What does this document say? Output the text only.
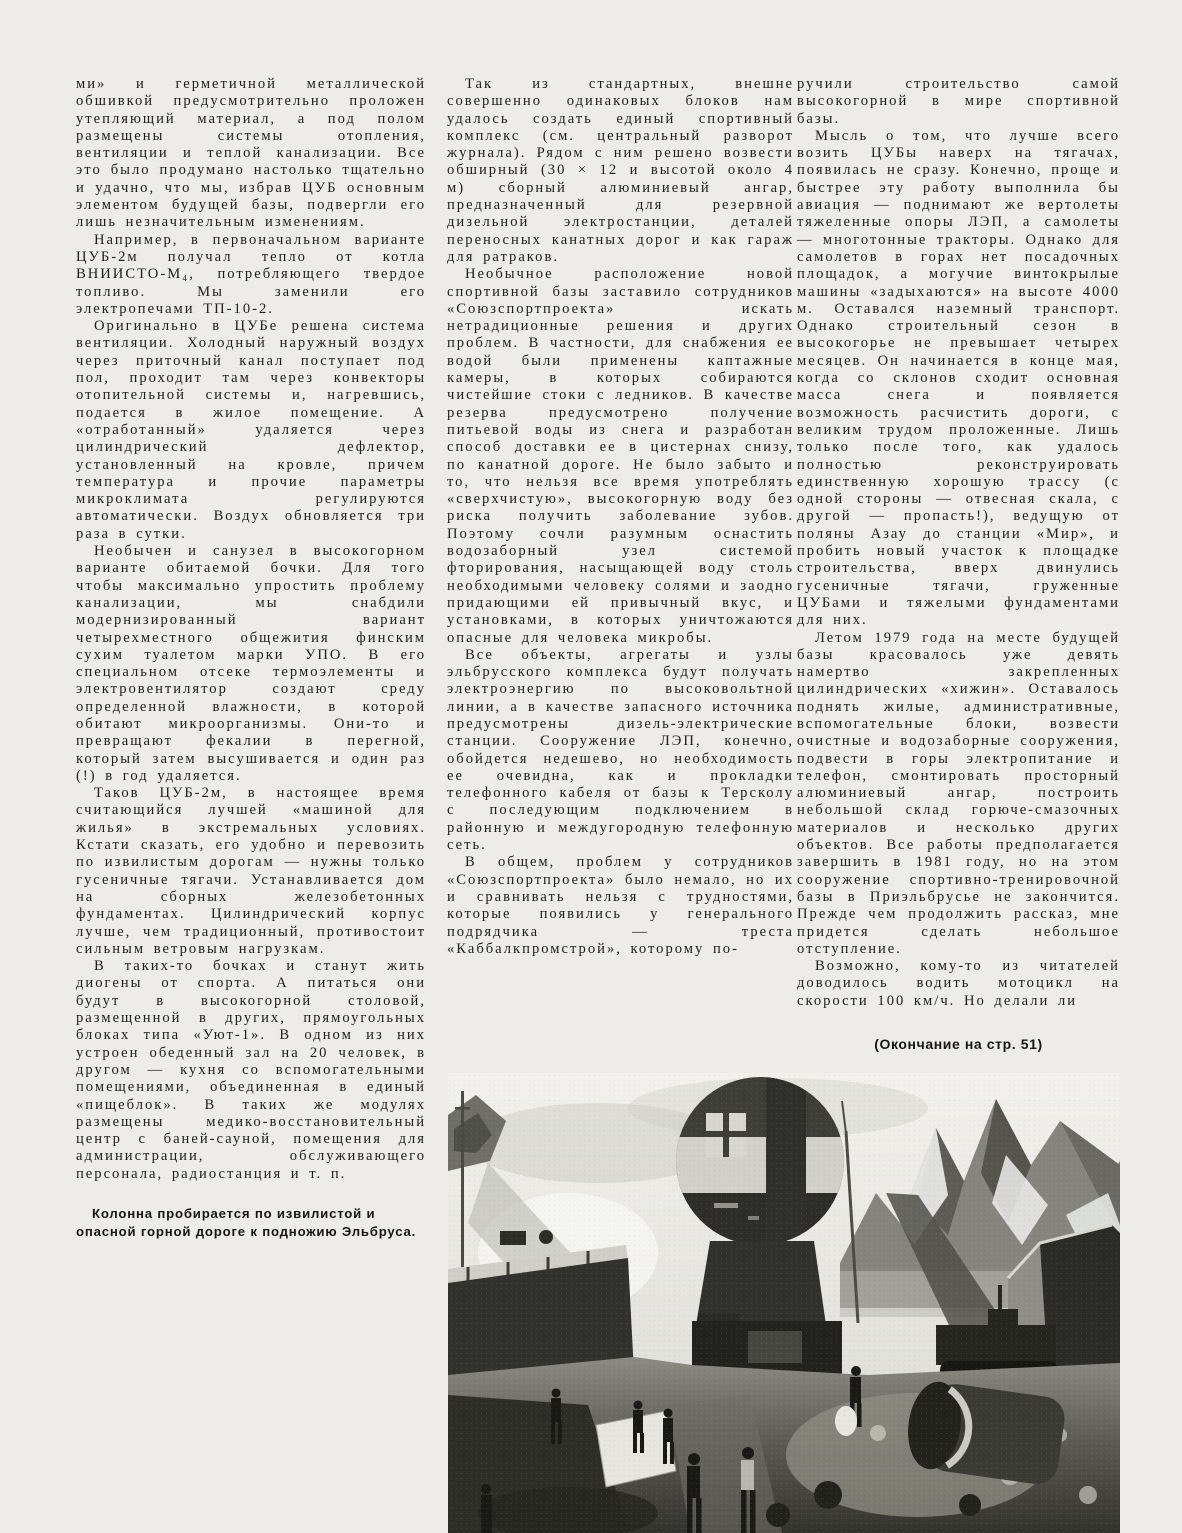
ми» и герметичной металлической обшивкой предусмотрительно проложен утепляющий материал, а под полом размещены системы отопления, вентиляции и теплой канализации. Все это было продумано настолько тщательно и удачно, что мы, избрав ЦУБ основным элементом будущей базы, подвергли его лишь незначительным изменениям.

Например, в первоначальном варианте ЦУБ-2м получал тепло от котла ВНИИСТО-М₄, потребляющего твердое топливо. Мы заменили его электропечами ТП-10-2.

Оригинально в ЦУБе решена система вентиляции. Холодный наружный воздух через приточный канал поступает под пол, проходит там через конвекторы отопительной системы и, нагревшись, подается в жилое помещение. А «отработанный» удаляется через цилиндрический дефлектор, установленный на кровле, причем температура и прочие параметры микроклимата регулируются автоматически. Воздух обновляется три раза в сутки.

Необычен и санузел в высокогорном варианте обитаемой бочки. Для того чтобы максимально упростить проблему канализации, мы снабдили модернизированный вариант четырехместного общежития финским сухим туалетом марки УПО. В его специальном отсеке термоэлементы и электровентилятор создают среду определенной влажности, в которой обитают микроорганизмы. Они-то и превращают фекалии в перегной, который затем высушивается и один раз (!) в год удаляется.

Таков ЦУБ-2м, в настоящее время считающийся лучшей «машиной для жилья» в экстремальных условиях. Кстати сказать, его удобно и перевозить по извилистым дорогам — нужны только гусеничные тягачи. Устанавливается дом на сборных железобетонных фундаментах. Цилиндрический корпус лучше, чем традиционный, противостоит сильным ветровым нагрузкам.

В таких-то бочках и станут жить диогены от спорта. А питаться они будут в высокогорной столовой, размещенной в других, прямоугольных блоках типа «Уют-1». В одном из них устроен обеденный зал на 20 человек, в другом — кухня со вспомогательными помещениями, объединенная в единый «пищеблок». В таких же модулях размещены медико-восстановительный центр с баней-сауной, помещения для администрации, обслуживающего персонала, радиостанция и т. п.

Колонна пробирается по извилистой и опасной горной дороге к подножию Эльбруса.

Так из стандартных, внешне совершенно одинаковых блоков нам удалось создать единый спортивный комплекс (см. центральный разворот журнала). Рядом с ним решено возвести обширный (30 × 12 и высотой около 4 м) сборный алюминиевый ангар, предназначенный для резервной дизельной электростанции, деталей переносных канатных дорог и как гараж для ратраков.

Необычное расположение новой спортивной базы заставило сотрудников «Союзспортпроекта» искать нетрадиционные решения и других проблем. В частности, для снабжения ее водой были применены каптажные камеры, в которых собираются чистейшие стоки с ледников. В качестве резерва предусмотрено получение питьевой воды из снега и разработан способ доставки ее в цистернах снизу, по канатной дороге. Не было забыто и то, что нельзя все время употреблять «сверхчистую», высокогорную воду без риска получить заболевание зубов. Поэтому сочли разумным оснастить водозаборный узел системой фторирования, насыщающей воду столь необходимыми человеку солями и заодно придающими ей привычный вкус, и установками, в которых уничтожаются опасные для человека микробы.

Все объекты, агрегаты и узлы эльбрусского комплекса будут получать электроэнергию по высоковольтной линии, а в качестве запасного источника предусмотрены дизель-электрические станции. Сооружение ЛЭП, конечно, обойдется недешево, но необходимость ее очевидна, как и прокладки телефонного кабеля от базы к Терсколу с последующим подключением в районную и междугородную телефонную сеть.

В общем, проблем у сотрудников «Союзспортпроекта» было немало, но их и сравнивать нельзя с трудностями, которые появились у генерального подрядчика — треста «Каббалкпромстрой», которому по-

ручили строительство самой высокогорной в мире спортивной базы.

Мысль о том, что лучше всего возить ЦУБы наверх на тягачах, появилась не сразу. Конечно, проще и быстрее эту работу выполнила бы авиация — поднимают же вертолеты тяжеленные опоры ЛЭП, а самолеты — многотонные тракторы. Однако для самолетов в горах нет посадочных площадок, а могучие винтокрылые машины «задыхаются» на высоте 4000 м. Оставался наземный транспорт. Однако строительный сезон в высокогорье не превышает четырех месяцев. Он начинается в конце мая, когда со склонов сходит основная масса снега и появляется возможность расчистить дороги, с великим трудом проложенные. Лишь только после того, как удалось полностью реконструировать единственную хорошую трассу (с одной стороны — отвесная скала, с другой — пропасть!), ведущую от поляны Азау до станции «Мир», и пробить новый участок к площадке строительства, вверх двинулись гусеничные тягачи, груженные ЦУБами и тяжелыми фундаментами для них.

Летом 1979 года на месте будущей базы красовалось уже девять намертво закрепленных цилиндрических «хижин». Оставалось поднять жилые, административные, вспомогательные блоки, возвести очистные и водозаборные сооружения, подвести в горы электропитание и телефон, смонтировать просторный алюминиевый ангар, построить небольшой склад горюче-смазочных материалов и несколько других объектов. Все работы предполагается завершить в 1981 году, но на этом сооружение спортивно-тренировочной базы в Приэльбрусье не закончится. Прежде чем продолжить рассказ, мне придется сделать небольшое отступление.

Возможно, кому-то из читателей доводилось водить мотоцикл на скорости 100 км/ч. Но делали ли

(Окончание на стр. 51)
